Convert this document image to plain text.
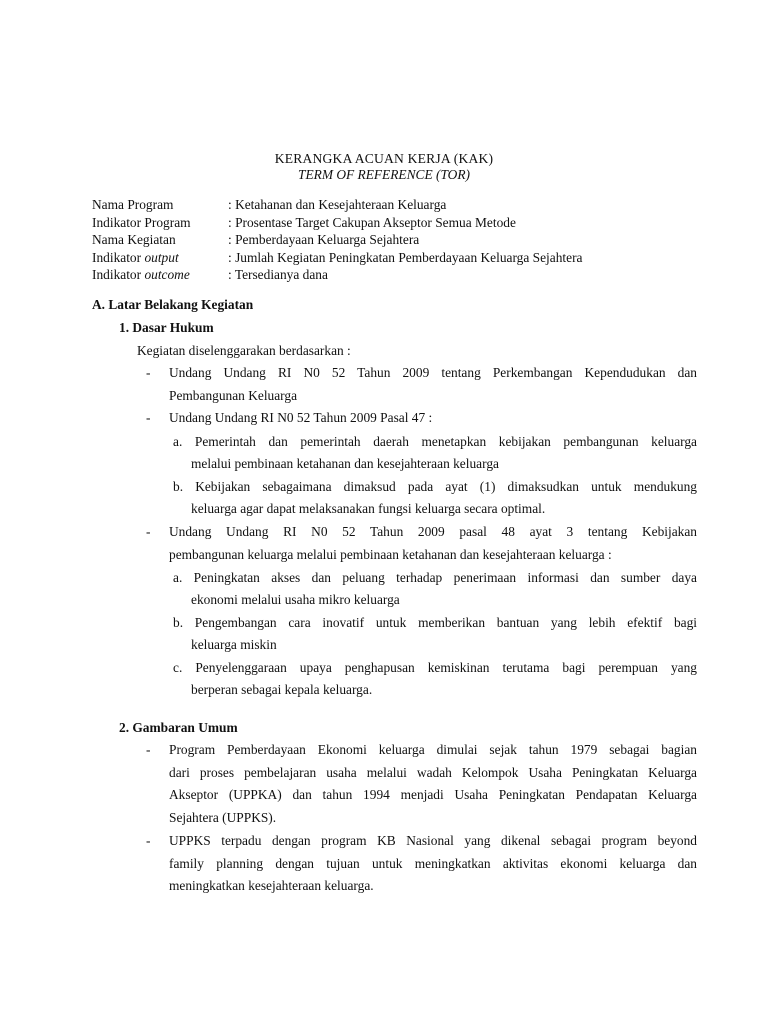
KERANGKA ACUAN KERJA (KAK)
TERM OF REFERENCE (TOR)
Nama Program	: Ketahanan dan Kesejahteraan Keluarga
Indikator Program	: Prosentase Target Cakupan Akseptor Semua Metode
Nama Kegiatan	: Pemberdayaan Keluarga Sejahtera
Indikator output	: Jumlah Kegiatan Peningkatan Pemberdayaan Keluarga Sejahtera
Indikator outcome	: Tersedianya dana
A. Latar Belakang Kegiatan
1. Dasar Hukum
Kegiatan diselenggarakan berdasarkan :
- Undang Undang RI N0 52 Tahun 2009 tentang Perkembangan Kependudukan dan
Pembangunan Keluarga
- Undang Undang RI N0 52 Tahun 2009 Pasal 47 :
a. Pemerintah dan pemerintah daerah menetapkan kebijakan pembangunan keluarga
melalui pembinaan ketahanan dan kesejahteraan keluarga
b. Kebijakan sebagaimana dimaksud pada ayat (1) dimaksudkan untuk mendukung
keluarga agar dapat melaksanakan fungsi keluarga secara optimal.
- Undang Undang RI N0 52 Tahun 2009 pasal 48 ayat 3 tentang Kebijakan
pembangunan keluarga melalui pembinaan ketahanan dan kesejahteraan keluarga :
a. Peningkatan akses dan peluang terhadap penerimaan informasi dan sumber daya
ekonomi melalui usaha mikro keluarga
b. Pengembangan cara inovatif untuk memberikan bantuan yang lebih efektif bagi
keluarga miskin
c. Penyelenggaraan upaya penghapusan kemiskinan terutama bagi perempuan yang
berperan sebagai kepala keluarga.
2. Gambaran Umum
- Program Pemberdayaan Ekonomi keluarga dimulai sejak tahun 1979 sebagai bagian
dari proses pembelajaran usaha melalui wadah Kelompok Usaha Peningkatan Keluarga
Akseptor (UPPKA) dan tahun 1994 menjadi Usaha Peningkatan Pendapatan Keluarga
Sejahtera (UPPKS).
- UPPKS terpadu dengan program KB Nasional yang dikenal sebagai program beyond
family planning dengan tujuan untuk meningkatkan aktivitas ekonomi keluarga dan
meningkatkan kesejahteraan keluarga.
